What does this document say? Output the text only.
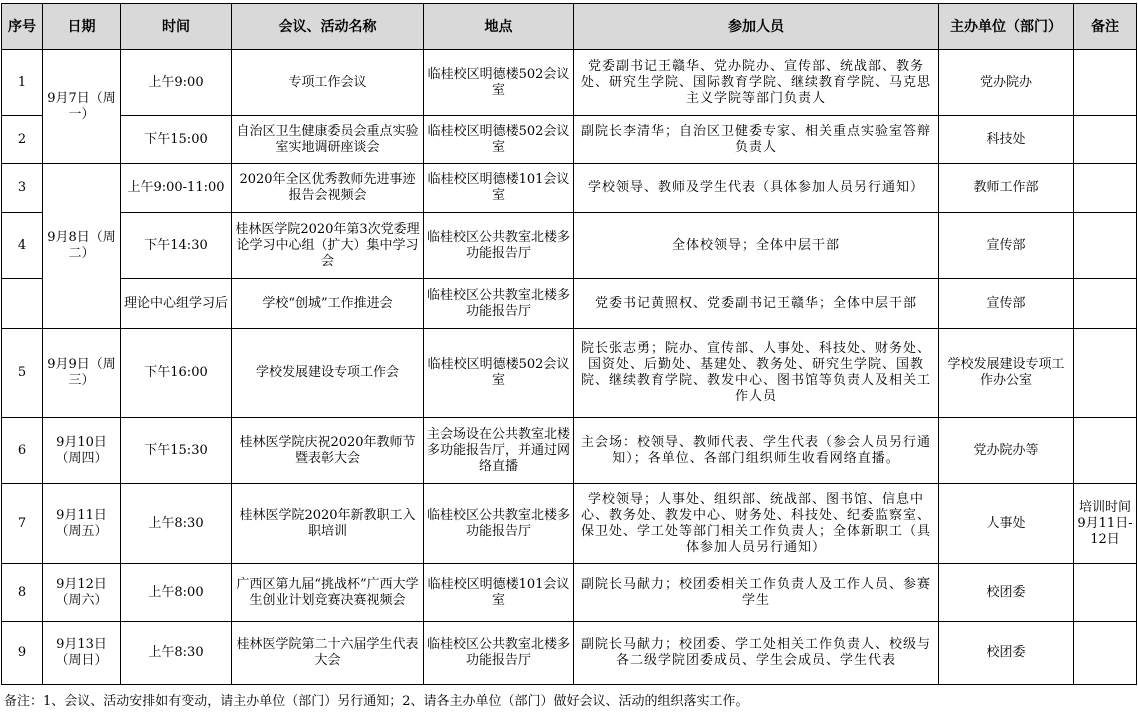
序号	日期	时间	会议、活动名称	地点	参加人员	主办单位（部门）	备注
1	9月7日（周一）	上午9:00	专项工作会议	临桂校区明德楼502会议室	党委副书记王赣华、党办院办、宣传部、统战部、教务处、研究生学院、国际教育学院、继续教育学院、马克思主义学院等部门负责人	党办院办	
2		下午15:00	自治区卫生健康委员会重点实验室实地调研座谈会	临桂校区明德楼502会议室	副院长李清华；自治区卫健委专家、相关重点实验室答辩负责人	科技处	
3	9月8日（周二）	上午9:00-11:00	2020年全区优秀教师先进事迹报告会视频会	临桂校区明德楼101会议室	学校领导、教师及学生代表（具体参加人员另行通知）	教师工作部	
4		下午14:30	桂林医学院2020年第3次党委理论学习中心组（扩大）集中学习会	临桂校区公共教室北楼多功能报告厅	全体校领导；全体中层干部	宣传部	
		理论中心组学习后	学校“创城”工作推进会	临桂校区公共教室北楼多功能报告厅	党委书记黄照权、党委副书记王赣华；全体中层干部	宣传部	
5	9月9日（周三）	下午16:00	学校发展建设专项工作会	临桂校区明德楼502会议室	院长张志勇；院办、宣传部、人事处、科技处、财务处、国资处、后勤处、基建处、教务处、研究生学院、国教院、继续教育学院、教发中心、图书馆等负责人及相关工作人员	学校发展建设专项工作办公室	
6	9月10日（周四）	下午15:30	桂林医学院庆祝2020年教师节暨表彰大会	主会场设在公共教室北楼多功能报告厅，并通过网络直播	主会场：校领导、教师代表、学生代表（参会人员另行通知）；各单位、各部门组织师生收看网络直播。	党办院办等	
7	9月11日（周五）	上午8:30	桂林医学院2020年新教职工入职培训	临桂校区公共教室北楼多功能报告厅	学校领导；人事处、组织部、统战部、图书馆、信息中心、教务处、教发中心、财务处、科技处、纪委监察室、保卫处、学工处等部门相关工作负责人；全体新职工（具体参加人员另行通知）	人事处	培训时间9月11日-12日
8	9月12日（周六）	上午8:00	广西区第九届“挑战杯”广西大学生创业计划竞赛决赛视频会	临桂校区明德楼101会议室	副院长马献力；校团委相关工作负责人及工作人员、参赛学生	校团委	
9	9月13日（周日）	上午8:30	桂林医学院第二十六届学生代表大会	临桂校区公共教室北楼多功能报告厅	副院长马献力；校团委、学工处相关工作负责人、校级与各二级学院团委成员、学生会成员、学生代表	校团委	
备注：1、会议、活动安排如有变动，请主办单位（部门）另行通知；2、请各主办单位（部门）做好会议、活动的组织落实工作。
